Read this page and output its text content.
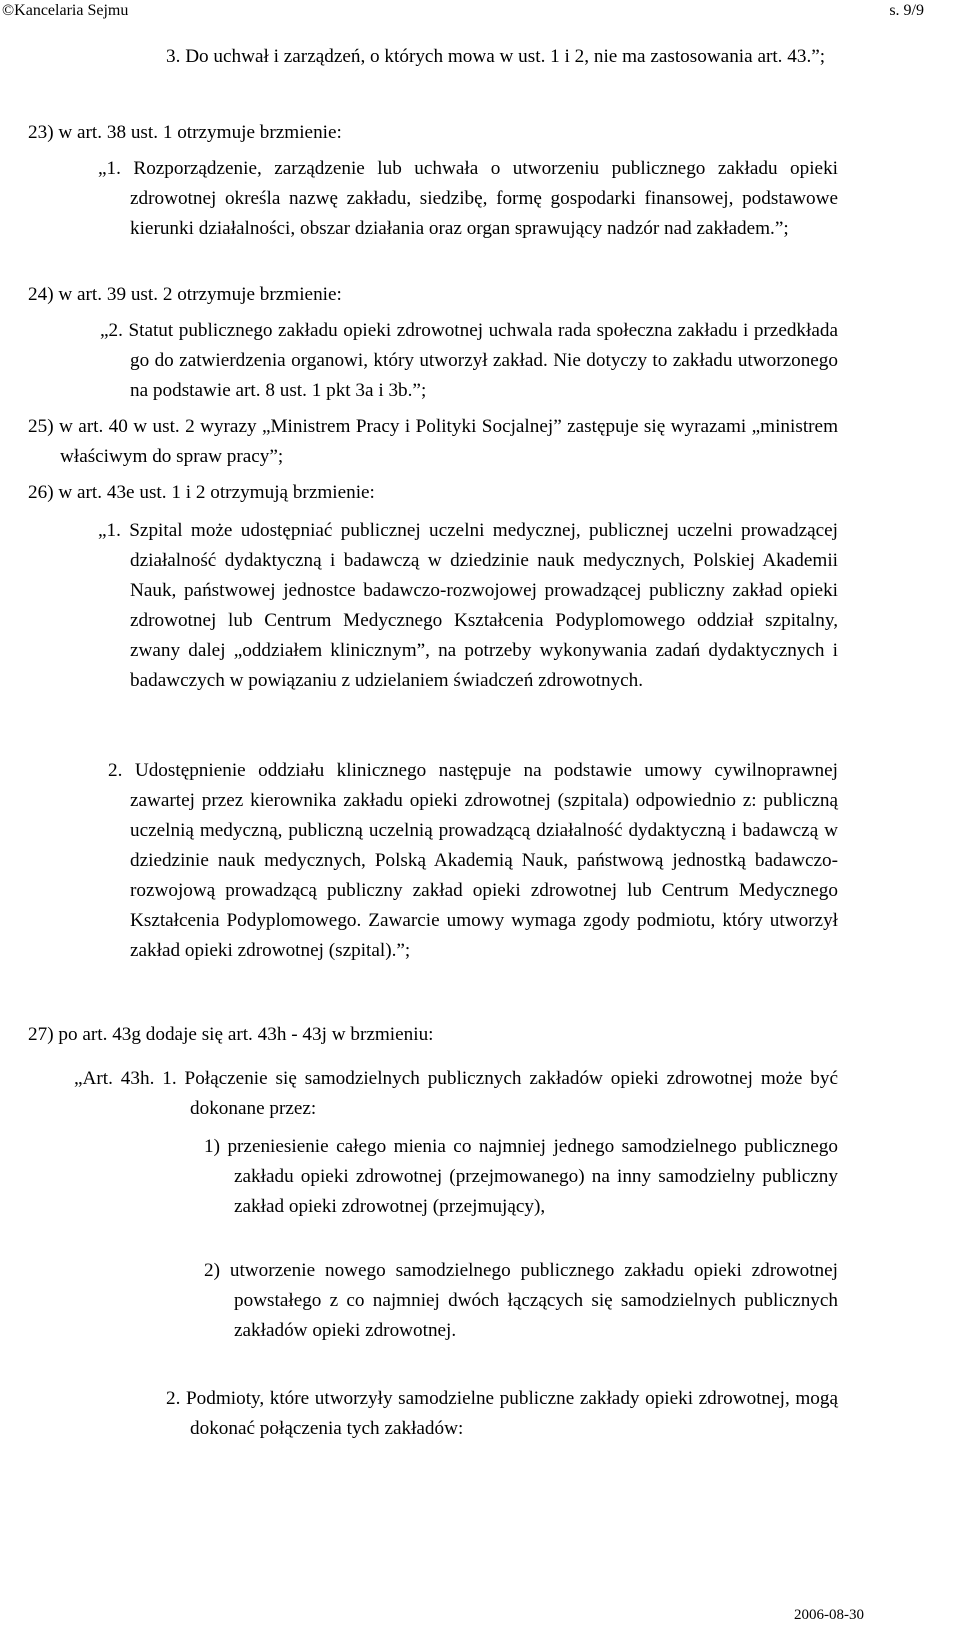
©Kancelaria Sejmu	s. 9/9
3. Do uchwał i zarządzeń, o których mowa w ust. 1 i 2, nie ma zastosowania art. 43.”;
23) w art. 38 ust. 1 otrzymuje brzmienie:
„1. Rozporządzenie, zarządzenie lub uchwała o utworzeniu publicznego zakładu opieki zdrowotnej określa nazwę zakładu, siedzibę, formę gospodarki finansowej, podstawowe kierunki działalności, obszar działania oraz organ sprawujący nadzór nad zakładem.”;
24) w art. 39 ust. 2 otrzymuje brzmienie:
„2. Statut publicznego zakładu opieki zdrowotnej uchwala rada społeczna zakładu i przedkłada go do zatwierdzenia organowi, który utworzył zakład. Nie dotyczy to zakładu utworzonego na podstawie art. 8 ust. 1 pkt 3a i 3b.”;
25) w art. 40 w ust. 2 wyrazy „Ministrem Pracy i Polityki Socjalnej” zastępuje się wyrazami „ministrem właściwym do spraw pracy”;
26) w art. 43e ust. 1 i 2 otrzymują brzmienie:
„1. Szpital może udostępniać publicznej uczelni medycznej, publicznej uczelni prowadzącej działalność dydaktyczną i badawczą w dziedzinie nauk medycznych, Polskiej Akademii Nauk, państwowej jednostce badawczo-rozwojowej prowadzącej publiczny zakład opieki zdrowotnej lub Centrum Medycznego Kształcenia Podyplomowego oddział szpitalny, zwany dalej „oddziałem klinicznym”, na potrzeby wykonywania zadań dydaktycznych i badawczych w powiązaniu z udzielaniem świadczeń zdrowotnych.
2. Udostępnienie oddziału klinicznego następuje na podstawie umowy cywilnoprawnej zawartej przez kierownika zakładu opieki zdrowotnej (szpitala) odpowiednio z: publiczną uczelnią medyczną, publiczną uczelnią prowadzącą działalność dydaktyczną i badawczą w dziedzinie nauk medycznych, Polską Akademią Nauk, państwową jednostką badawczo-rozwojową prowadzącą publiczny zakład opieki zdrowotnej lub Centrum Medycznego Kształcenia Podyplomowego. Zawarcie umowy wymaga zgody podmiotu, który utworzył zakład opieki zdrowotnej (szpital).”;
27) po art. 43g dodaje się art. 43h - 43j w brzmieniu:
„Art. 43h. 1. Połączenie się samodzielnych publicznych zakładów opieki zdrowotnej może być dokonane przez:
1) przeniesienie całego mienia co najmniej jednego samodzielnego publicznego zakładu opieki zdrowotnej (przejmowanego) na inny samodzielny publiczny zakład opieki zdrowotnej (przejmujący),
2) utworzenie nowego samodzielnego publicznego zakładu opieki zdrowotnej powstałego z co najmniej dwóch łączących się samodzielnych publicznych zakładów opieki zdrowotnej.
2. Podmioty, które utworzyły samodzielne publiczne zakłady opieki zdrowotnej, mogą dokonać połączenia tych zakładów:
2006-08-30
